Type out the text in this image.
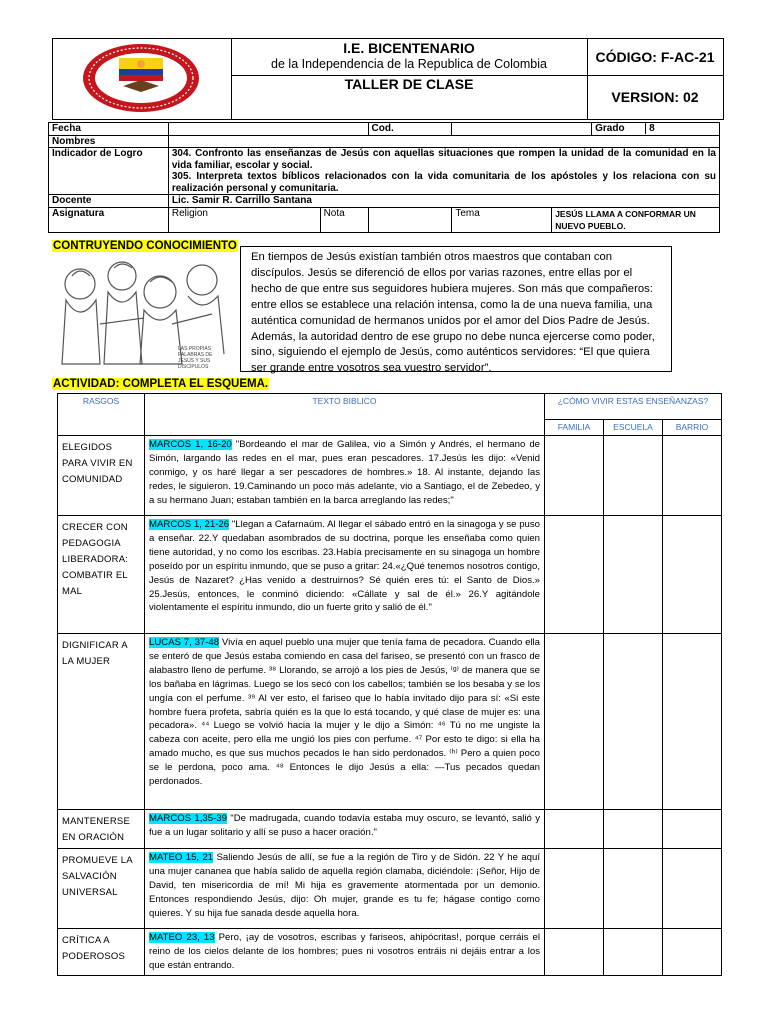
I.E. BICENTENARIO
de la Independencia de la Republica de Colombia
TALLER DE CLASE
CÓDIGO: F-AC-21
VERSION: 02
Fecha			Cod.			Grado 8
Nombres						
Indicador de Logro	304. Confronto las enseñanzas de Jesús con aquellas situaciones que rompen la unidad de la comunidad en la vida familiar, escolar y social.
305. Interpreta textos bíblicos relacionados con la vida comunitaria de los apóstoles y los relaciona con su realización personal y comunitaria.					

Docente	Lic. Samir R. Carrillo Santana					
Asignatura	Religion	Nota		Tema	JESÚS LLAMA A CONFORMAR UN NUEVO PUEBLO.	
CONTRUYENDO CONOCIMIENTO
LAS PROPIAS
PALABRAS DE
JESÚS Y SUS
DISCÍPULOS
En tiempos de Jesús existían también otros maestros que contaban con discípulos. Jesús se diferenció de ellos por varias razones, entre ellas por el hecho de que entre sus seguidores hubiera mujeres. Son más que compañeros: entre ellos se establece una relación intensa, como la de una nueva familia, una auténtica comunidad de hermanos unidos por el amor del Dios Padre de Jesús. Además, la autoridad dentro de ese grupo no debe nunca ejercerse como poder, sino, siguiendo el ejemplo de Jesús, como auténticos servidores: “El que quiera ser grande entre vosotros sea vuestro servidor”.
ACTIVIDAD: COMPLETA EL ESQUEMA.
RASGOS	TEXTO BIBLICO	¿CÓMO VIVIR ESTAS ENSEÑANZAS?		
		FAMILIA	ESCUELA	BARRIO
ELEGIDOS PARA VIVIR EN COMUNIDAD	MARCOS 1, 16-20 "Bordeando el mar de Galilea, vio a Simón y Andrés, el hermano de Simón, largando las redes en el mar, pues eran pescadores. 17.Jesús les dijo: «Venid conmigo, y os haré llegar a ser pescadores de hombres.» 18. Al instante, dejando las redes, le siguieron. 19.Caminando un poco más adelante, vio a Santiago, el de Zebedeo, y a su hermano Juan; estaban también en la barca arreglando las redes;"			
CRECER CON PEDAGOGIA LIBERADORA: COMBATIR EL MAL	MARCOS 1, 21-26 "Llegan a Cafarnaúm. Al llegar el sábado entró en la sinagoga y se puso a enseñar. 22.Y quedaban asombrados de su doctrina, porque les enseñaba como quien tiene autoridad, y no como los escribas. 23.Había precisamente en su sinagoga un hombre poseído por un espíritu inmundo, que se puso a gritar: 24.«¿Qué tenemos nosotros contigo, Jesús de Nazaret? ¿Has venido a destruirnos? Sé quién eres tú: el Santo de Dios.» 25.Jesús, entonces, le conminó diciendo: «Cállate y sal de él.» 26.Y agitándole violentamente el espíritu inmundo, dio un fuerte grito y salió de él."			
DIGNIFICAR A LA MUJER	LUCAS 7, 37-48 Vivía en aquel pueblo una mujer que tenía fama de pecadora. Cuando ella se enteró de que Jesús estaba comiendo en casa del fariseo, se presentó con un frasco de alabastro lleno de perfume. ³⁸ Llorando, se arrojó a los pies de Jesús, ⁽ᵍ⁾ de manera que se los bañaba en lágrimas. Luego se los secó con los cabellos; también se los besaba y se los ungía con el perfume. ³⁹ Al ver esto, el fariseo que lo había invitado dijo para sí: «Si este hombre fuera profeta, sabría quién es la que lo está tocando, y qué clase de mujer es: una pecadora». ⁴⁴ Luego se volvió hacia la mujer y le dijo a Simón: ⁴⁶ Tú no me ungiste la cabeza con aceite, pero ella me ungió los pies con perfume. ⁴⁷ Por esto te digo: si ella ha amado mucho, es que sus muchos pecados le han sido perdonados. ⁽ʰ⁾ Pero a quien poco se le perdona, poco ama. ⁴⁸ Entonces le dijo Jesús a ella: —Tus pecados quedan perdonados.			
MANTENERSE EN ORACIÓN	MARCOS 1,35-39 "De madrugada, cuando todavía estaba muy oscuro, se levantó, salió y fue a un lugar solitario y allí se puso a hacer oración."			
PROMUEVE LA SALVACIÓN UNIVERSAL	MATEO 15, 21 Saliendo Jesús de allí, se fue a la región de Tiro y de Sidón. 22 Y he aquí una mujer cananea que había salido de aquella región clamaba, diciéndole: ¡Señor, Hijo de David, ten misericordia de mí! Mi hija es gravemente atormentada por un demonio. Entonces respondiendo Jesús, dijo: Oh mujer, grande es tu fe; hágase contigo como quieres. Y su hija fue sanada desde aquella hora.			
CRÍTICA A PODEROSOS	MATEO 23, 13 Pero, ¡ay de vosotros, escribas y fariseos, ahipócritas!, porque cerráis el reino de los cielos delante de los hombres; pues ni vosotros entráis ni dejáis entrar a los que están entrando.			
